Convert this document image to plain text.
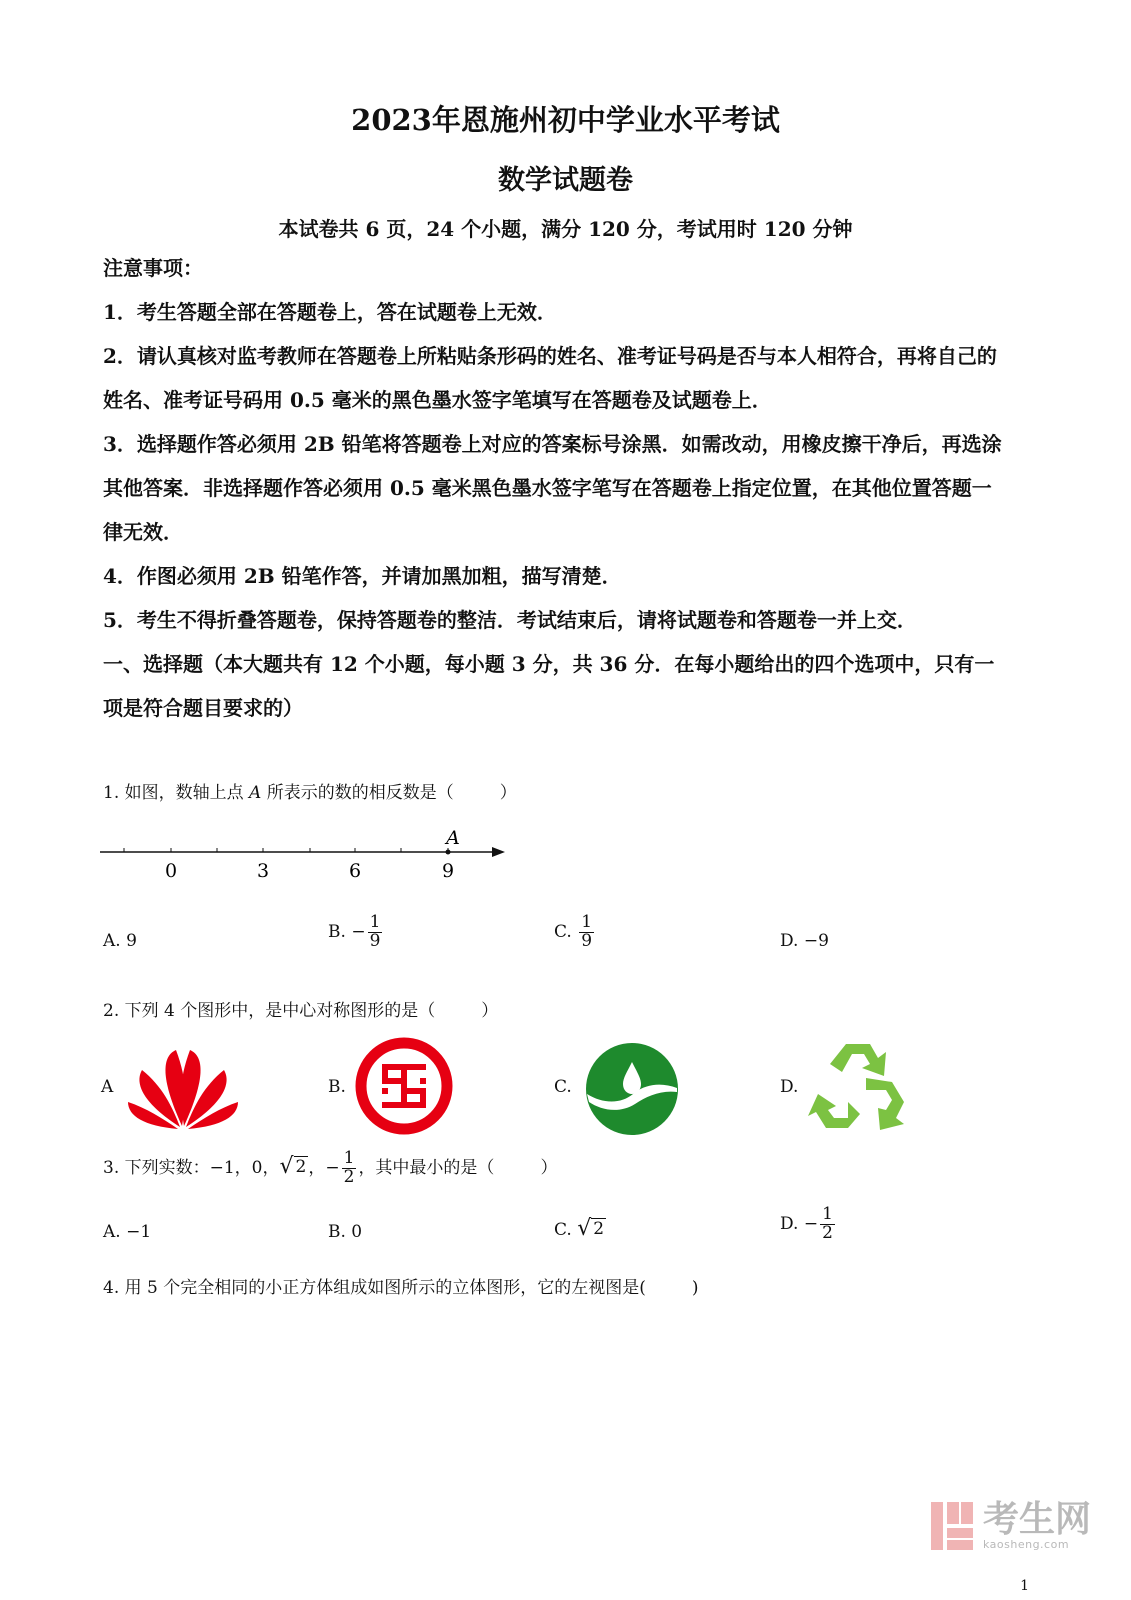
2023年恩施州初中学业水平考试
数学试题卷
本试卷共 6 页，24 个小题，满分 120 分，考试用时 120 分钟
注意事项：
1．考生答题全部在答题卷上，答在试题卷上无效．
2．请认真核对监考教师在答题卷上所粘贴条形码的姓名、准考证号码是否与本人相符合，再将自己的姓名、准考证号码用 0.5 毫米的黑色墨水签字笔填写在答题卷及试题卷上．
3．选择题作答必须用 2B 铅笔将答题卷上对应的答案标号涂黑．如需改动，用橡皮擦干净后，再选涂其他答案．非选择题作答必须用 0.5 毫米黑色墨水签字笔写在答题卷上指定位置，在其他位置答题一律无效．
4．作图必须用 2B 铅笔作答，并请加黑加粗，描写清楚．
5．考生不得折叠答题卷，保持答题卷的整洁．考试结束后，请将试题卷和答题卷一并上交．
一、选择题（本大题共有 12 个小题，每小题 3 分，共 36 分．在每小题给出的四个选项中，只有一项是符合题目要求的）
1. 如图，数轴上点 A 所表示的数的相反数是（	）
0	3	6	9
A
A. 9	B. − $\frac{1}{9}$	C. $\frac{1}{9}$	D. −9
2. 下列 4 个图形中，是中心对称图形的是（	）
A	B.	C.	D.
3. 下列实数：−1，0， √ 2 ，− $\frac{1}{2}$ ，其中最小的是（	）
A. −1	B. 0	C. √ 2	D. − $\frac{1}{2}$
4. 用 5 个完全相同的小正方体组成如图所示的立体图形，它的左视图是(	)
考生网
kaosheng.com
1
